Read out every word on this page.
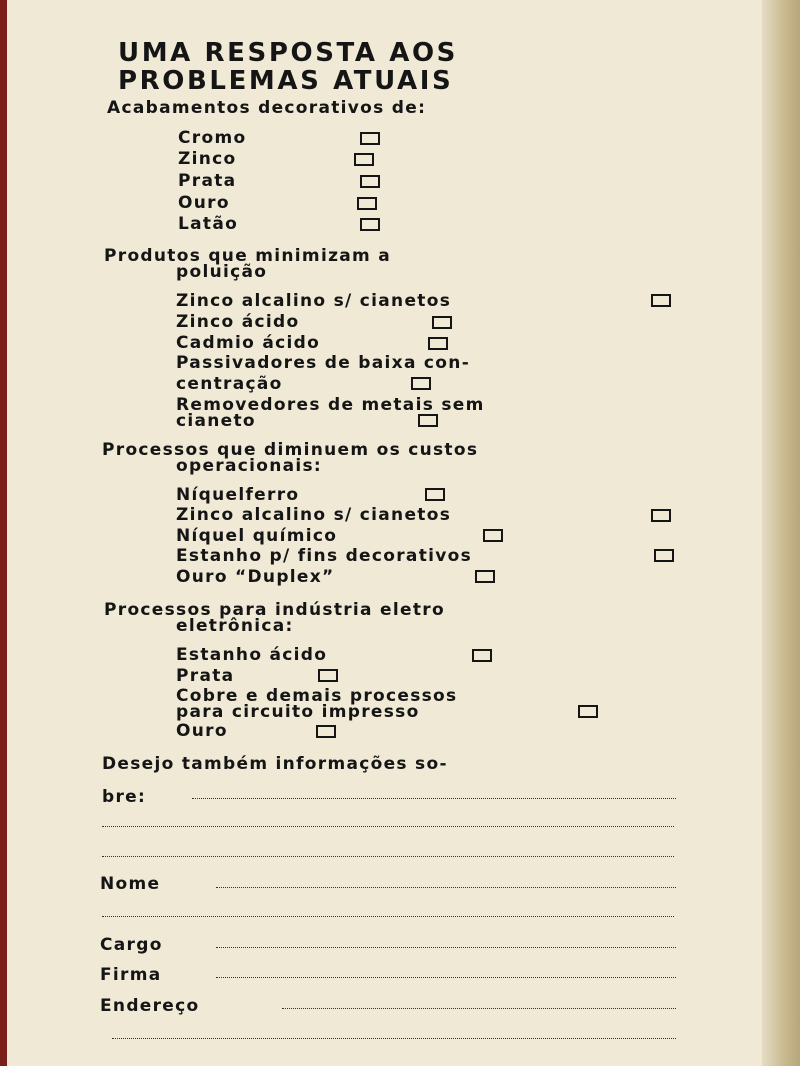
UMA RESPOSTA AOS
PROBLEMAS ATUAIS
Acabamentos decorativos de:
Cromo
Zinco
Prata
Ouro
Latão
Produtos que minimizam a
poluição
Zinco alcalino s/ cianetos
Zinco ácido
Cadmio ácido
Passivadores de baixa con-
centração
Removedores de metais sem
cianeto
Processos que diminuem os custos
operacionais:
Níquelferro
Zinco alcalino s/ cianetos
Níquel químico
Estanho p/ fins decorativos
Ouro “Duplex”
Processos para indústria eletro
eletrônica:
Estanho ácido
Prata
Cobre e demais processos
para circuito impresso
Ouro
Desejo também informações so-
bre:
Nome
Cargo
Firma
Endereço
